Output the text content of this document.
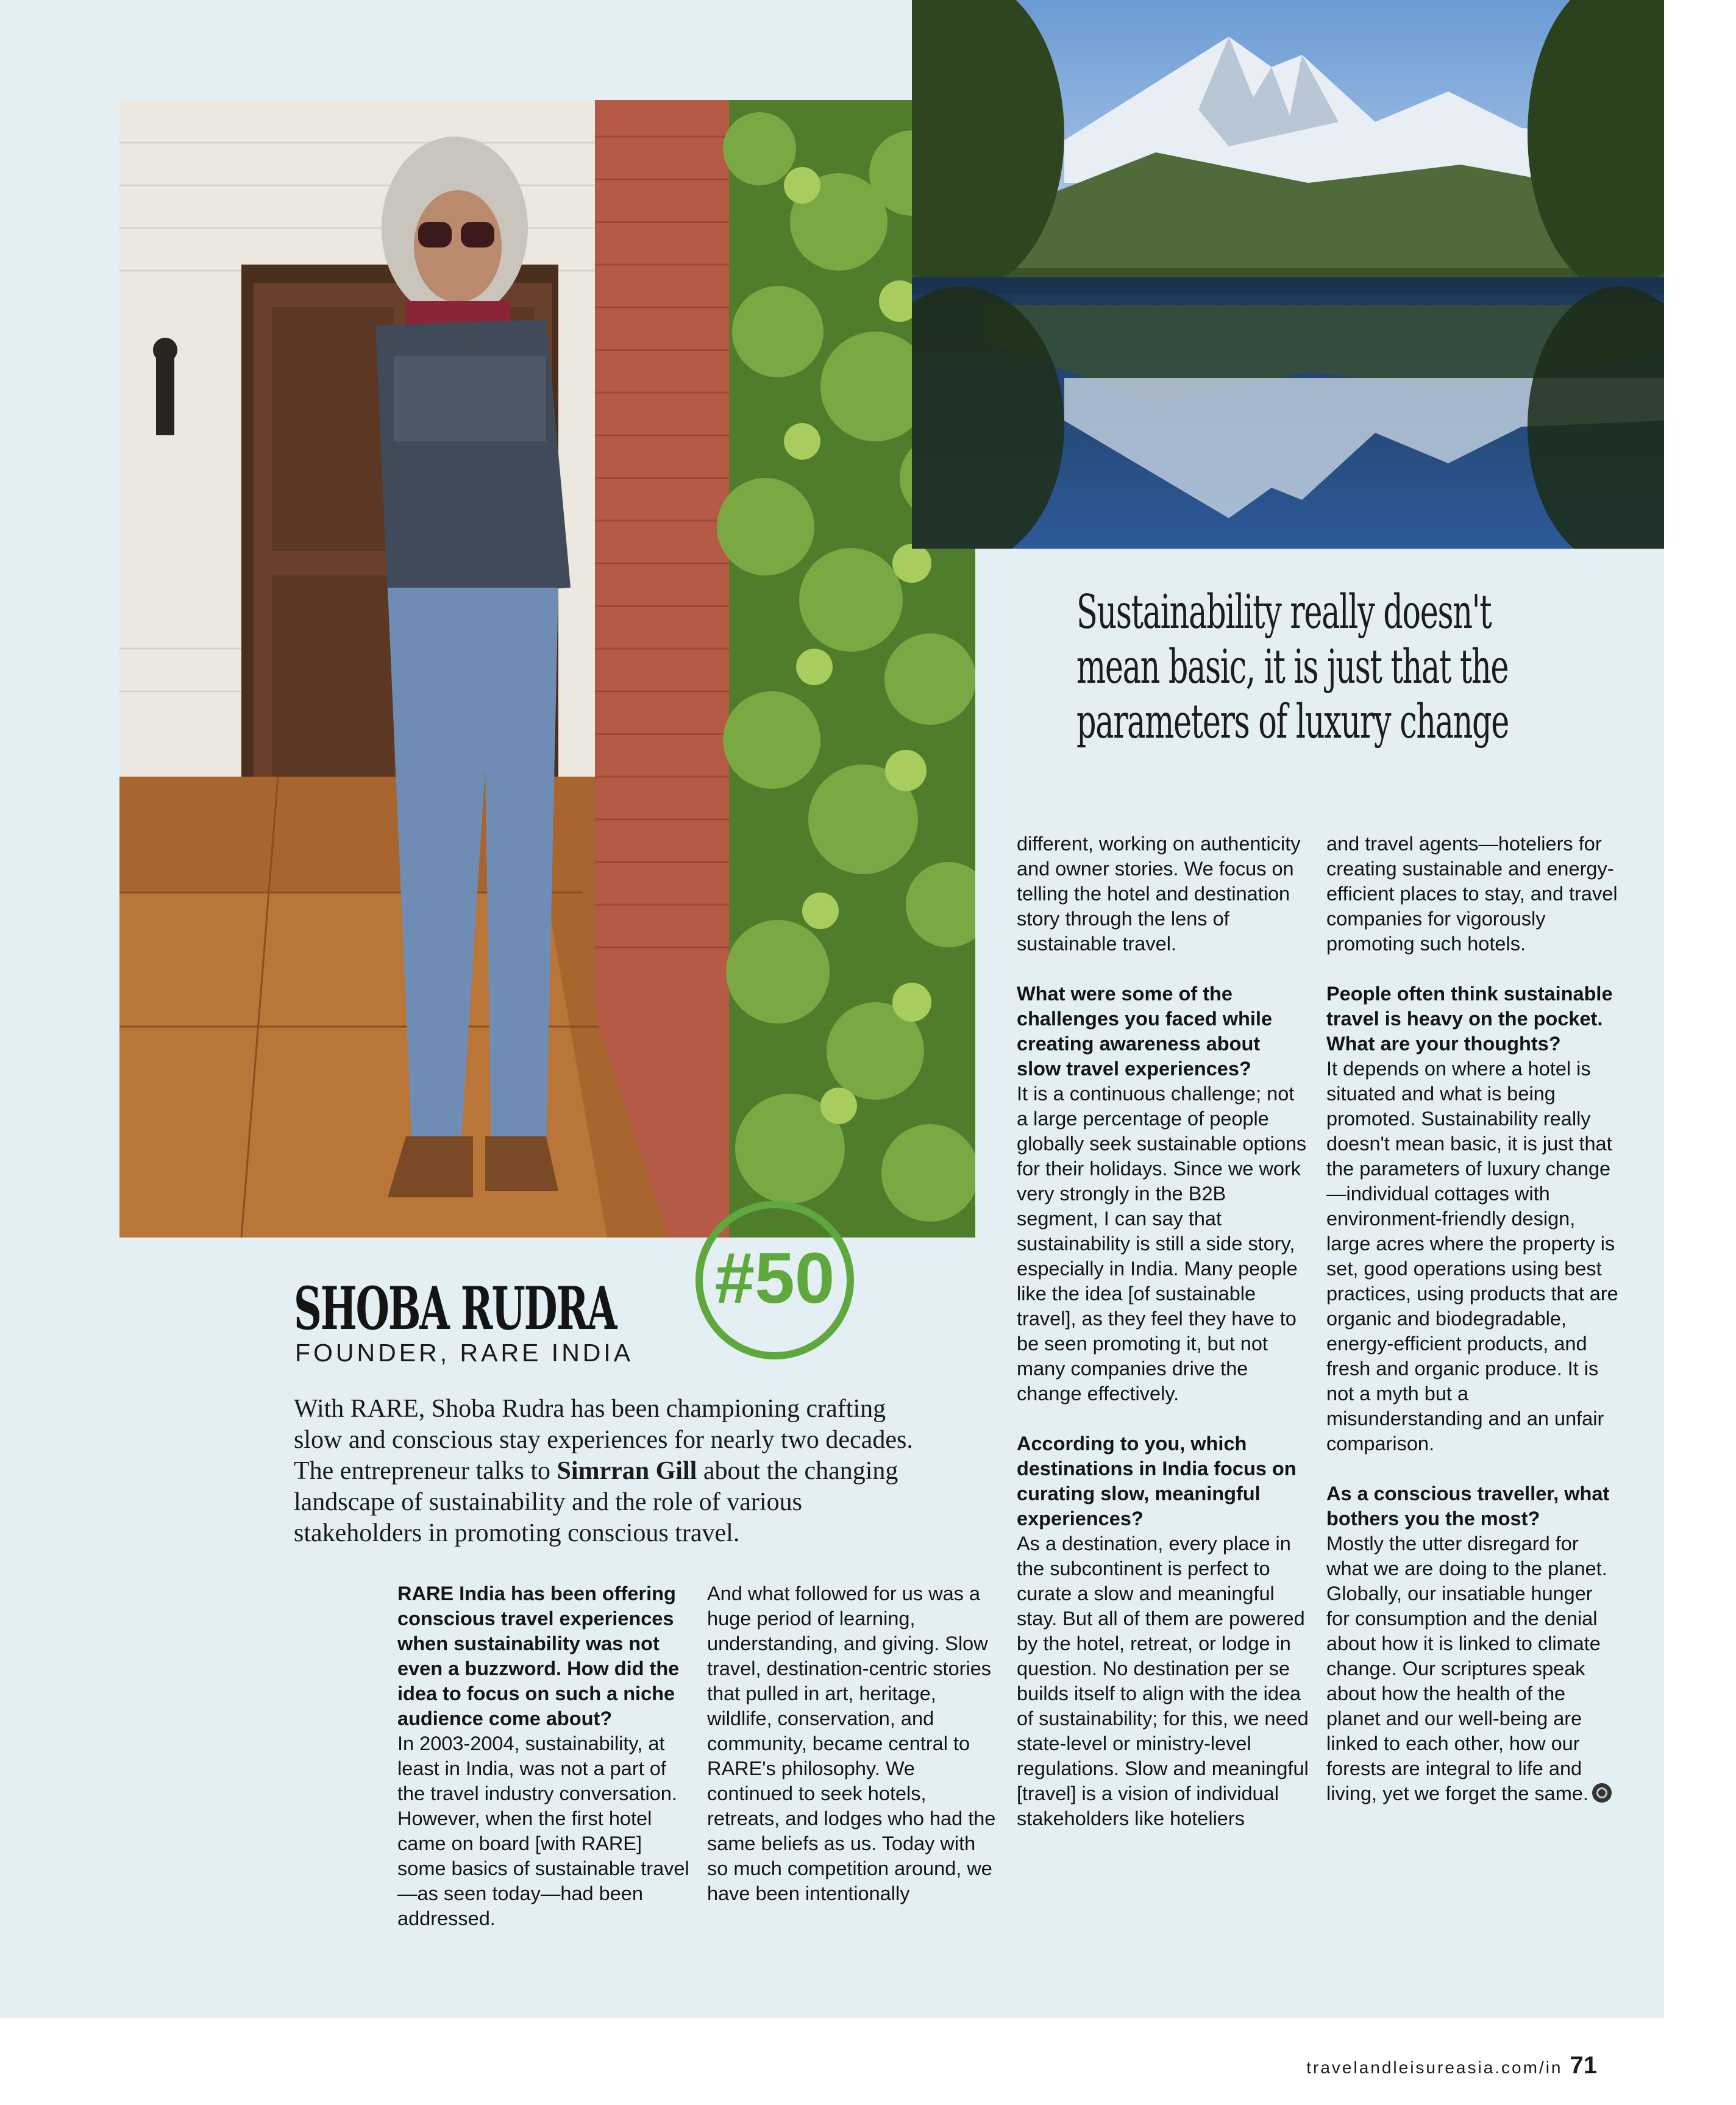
Sustainability really doesn't mean basic, it is just that the parameters of luxury change
SHOBA RUDRA
FOUNDER, RARE INDIA
#50
With RARE, Shoba Rudra has been championing crafting slow and conscious stay experiences for nearly two decades. The entrepreneur talks to Simrran Gill about the changing landscape of sustainability and the role of various stakeholders in promoting conscious travel.

RARE India has been offering conscious travel experiences when sustainability was not even a buzzword. How did the idea to focus on such a niche audience come about?

In 2003-2004, sustainability, at least in India, was not a part of the travel industry conversation. However, when the first hotel came on board [with RARE] some basics of sustainable travel—as seen today—had been addressed.

And what followed for us was a huge period of learning, understanding, and giving. Slow travel, destination-centric stories that pulled in art, heritage, wildlife, conservation, and community, became central to RARE's philosophy. We continued to seek hotels, retreats, and lodges who had the same beliefs as us. Today with so much competition around, we have been intentionally

different, working on authenticity and owner stories. We focus on telling the hotel and destination story through the lens of sustainable travel.

What were some of the challenges you faced while creating awareness about slow travel experiences?

It is a continuous challenge; not a large percentage of people globally seek sustainable options for their holidays. Since we work very strongly in the B2B segment, I can say that sustainability is still a side story, especially in India. Many people like the idea [of sustainable travel], as they feel they have to be seen promoting it, but not many companies drive the change effectively.

According to you, which destinations in India focus on curating slow, meaningful experiences?

As a destination, every place in the subcontinent is perfect to curate a slow and meaningful stay. But all of them are powered by the hotel, retreat, or lodge in question. No destination per se builds itself to align with the idea of sustainability; for this, we need state-level or ministry-level regulations. Slow and meaningful [travel] is a vision of individual stakeholders like hoteliers

and travel agents—hoteliers for creating sustainable and energy-efficient places to stay, and travel companies for vigorously promoting such hotels.

People often think sustainable travel is heavy on the pocket. What are your thoughts?

It depends on where a hotel is situated and what is being promoted. Sustainability really doesn't mean basic, it is just that the parameters of luxury change—individual cottages with environment-friendly design, large acres where the property is set, good operations using best practices, using products that are organic and biodegradable, energy-efficient products, and fresh and organic produce. It is not a myth but a misunderstanding and an unfair comparison.

As a conscious traveller, what bothers you the most?

Mostly the utter disregard for what we are doing to the planet. Globally, our insatiable hunger for consumption and the denial about how it is linked to climate change. Our scriptures speak about how the health of the planet and our well-being are linked to each other, how our forests are integral to life and living, yet we forget the same.

travelandleisureasia.com/in 71
